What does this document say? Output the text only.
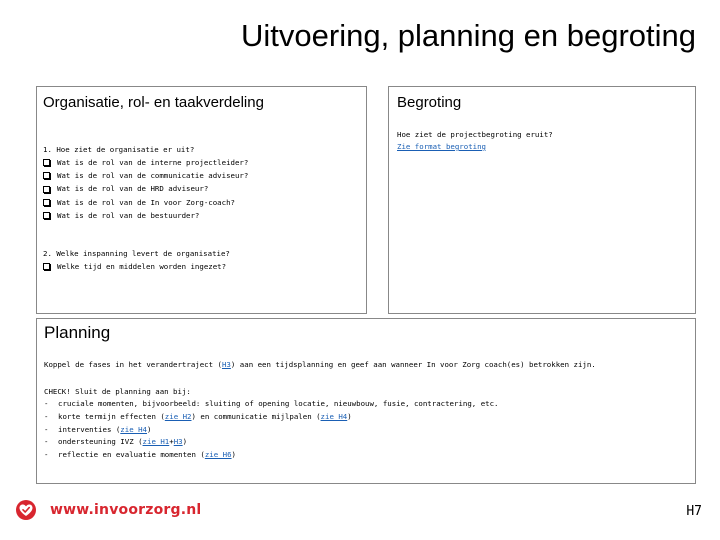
Uitvoering, planning en begroting
Organisatie, rol- en taakverdeling
1. Hoe ziet de organisatie er uit?
Wat is de rol van de interne projectleider?
Wat is de rol van de communicatie adviseur?
Wat is de rol van de HRD adviseur?
Wat is de rol van de In voor Zorg-coach?
Wat is de rol van de bestuurder?
2. Welke inspanning levert de organisatie?
Welke tijd en middelen worden ingezet?
Begroting
Hoe ziet de projectbegroting eruit?
Zie format begroting
Planning
Koppel de fases in het verandertraject (H3) aan een tijdsplanning en geef aan wanneer In voor Zorg coach(es) betrokken zijn.
CHECK! Sluit de planning aan bij:
-	cruciale momenten, bijvoorbeeld: sluiting of opening locatie, nieuwbouw, fusie, contractering, etc.
-	korte termijn effecten ( zie H2 ) en communicatie mijlpalen ( zie H4 )
-	interventies ( zie H4 )
-	ondersteuning IVZ ( zie H1 + H3 )
-	reflectie en evaluatie momenten ( zie H6 )
www.invoorzorg.nl	H7
